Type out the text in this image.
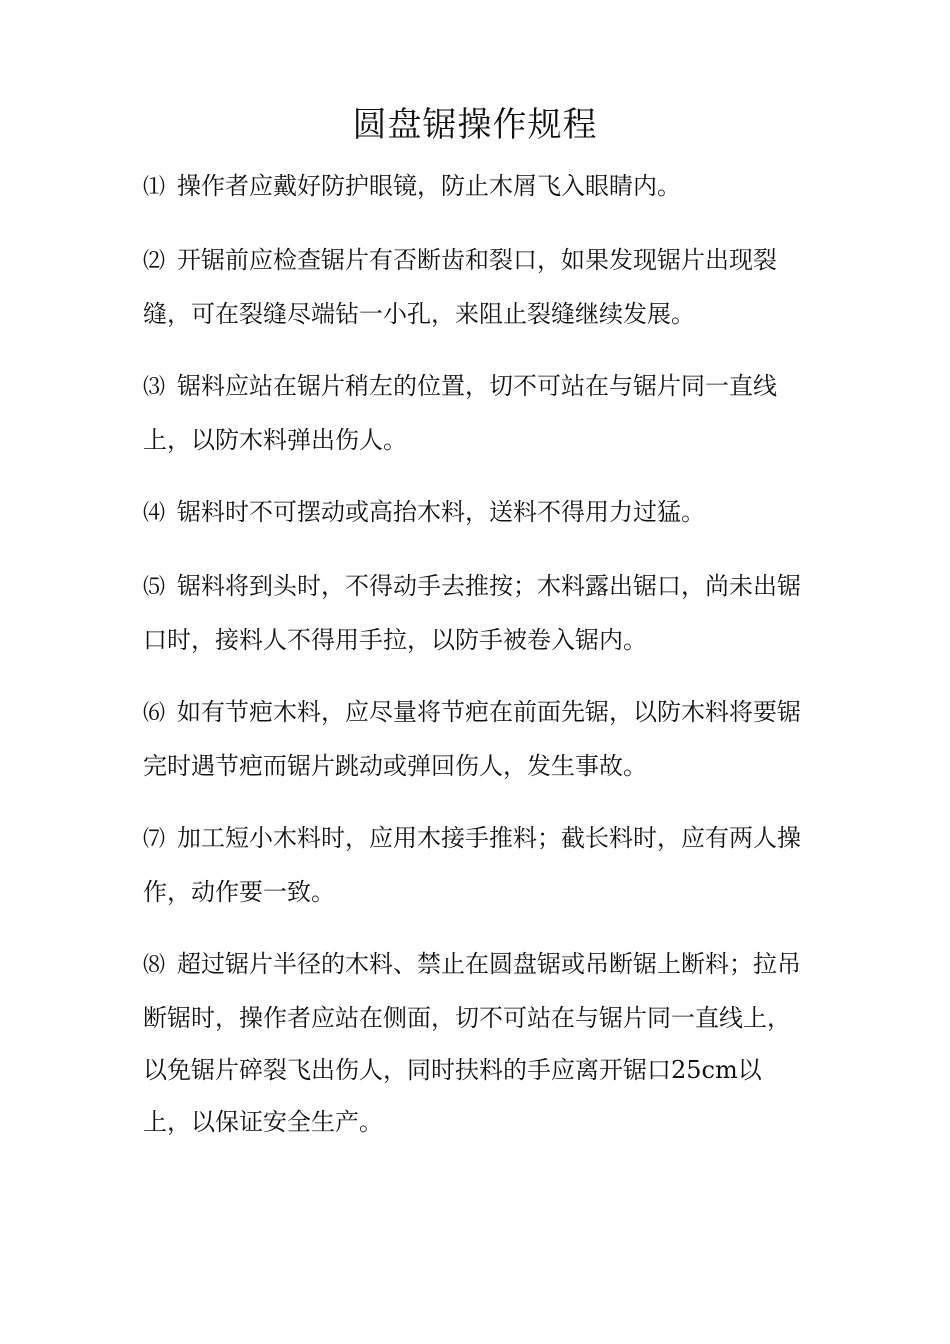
圆盘锯操作规程
⑴ 操作者应戴好防护眼镜，防止木屑飞入眼睛内。
⑵ 开锯前应检查锯片有否断齿和裂口，如果发现锯片出现裂缝，可在裂缝尽端钻一小孔，来阻止裂缝继续发展。
⑶ 锯料应站在锯片稍左的位置，切不可站在与锯片同一直线上，以防木料弹出伤人。
⑷ 锯料时不可摆动或高抬木料，送料不得用力过猛。
⑸ 锯料将到头时，不得动手去推按；木料露出锯口，尚未出锯口时，接料人不得用手拉，以防手被卷入锯内。
⑹ 如有节疤木料，应尽量将节疤在前面先锯，以防木料将要锯完时遇节疤而锯片跳动或弹回伤人，发生事故。
⑺ 加工短小木料时，应用木接手推料；截长料时，应有两人操作，动作要一致。
⑻ 超过锯片半径的木料、禁止在圆盘锯或吊断锯上断料；拉吊断锯时，操作者应站在侧面，切不可站在与锯片同一直线上，以免锯片碎裂飞出伤人，同时扶料的手应离开锯口25cm以上，以保证安全生产。
